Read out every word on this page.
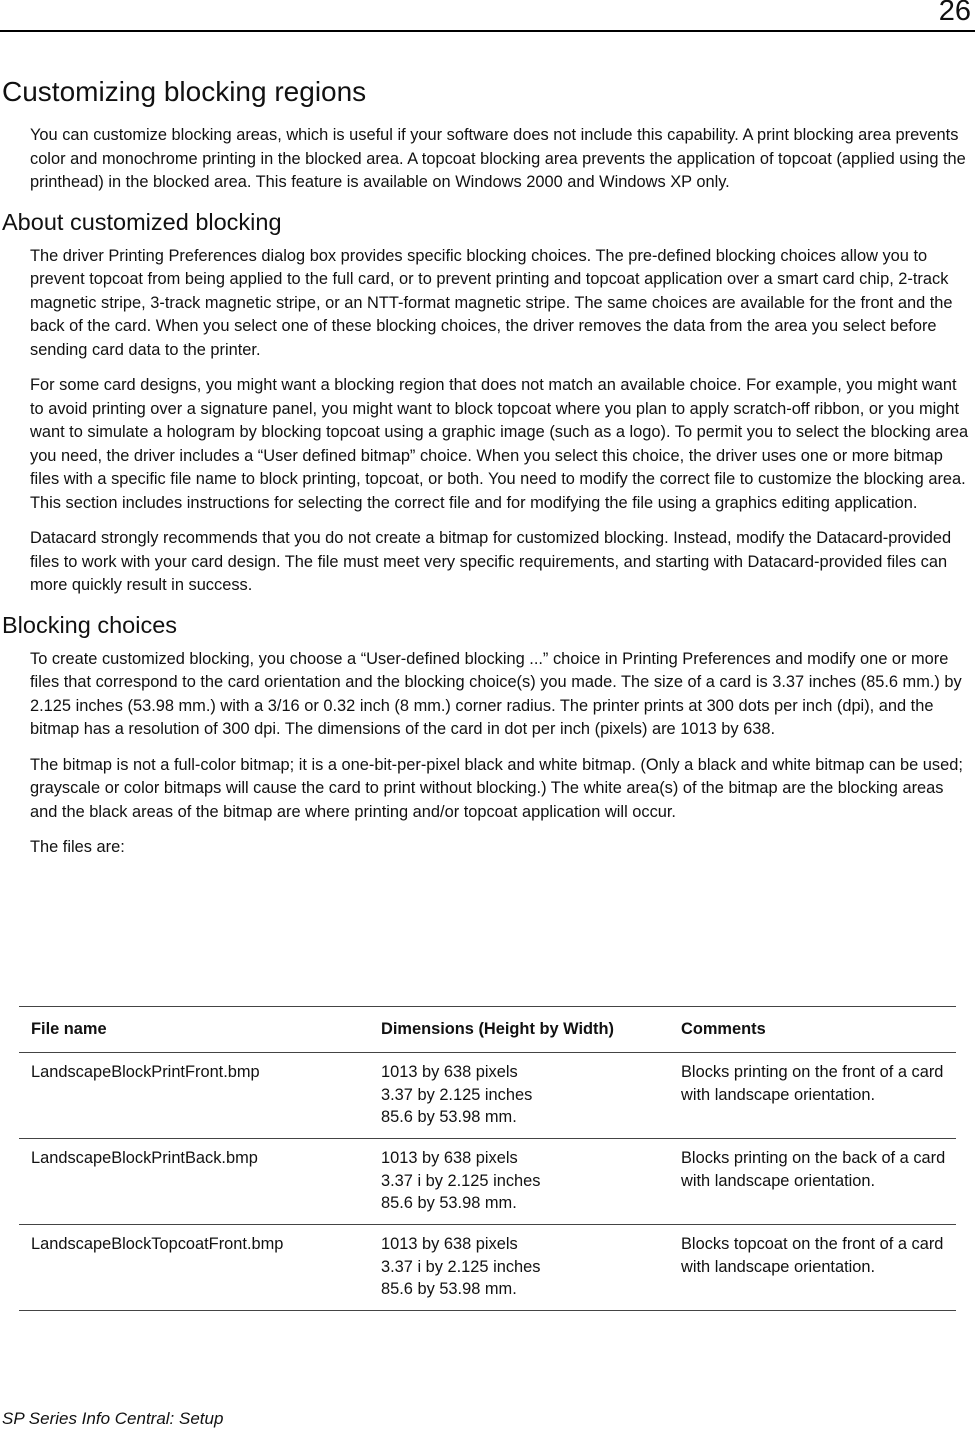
26
Customizing blocking regions

You can customize blocking areas, which is useful if your software does not include this capability. A print blocking area prevents color and monochrome printing in the blocked area. A topcoat blocking area prevents the application of topcoat (applied using the printhead) in the blocked area. This feature is available on Windows 2000 and Windows XP only.

About customized blocking

The driver Printing Preferences dialog box provides specific blocking choices. The pre-defined blocking choices allow you to prevent topcoat from being applied to the full card, or to prevent printing and topcoat application over a smart card chip, 2-track magnetic stripe, 3-track magnetic stripe, or an NTT-format magnetic stripe. The same choices are available for the front and the back of the card. When you select one of these blocking choices, the driver removes the data from the area you select before sending card data to the printer.

For some card designs, you might want a blocking region that does not match an available choice. For example, you might want to avoid printing over a signature panel, you might want to block topcoat where you plan to apply scratch-off ribbon, or you might want to simulate a hologram by blocking topcoat using a graphic image (such as a logo). To permit you to select the blocking area you need, the driver includes a “User defined bitmap” choice. When you select this choice, the driver uses one or more bitmap files with a specific file name to block printing, topcoat, or both. You need to modify the correct file to customize the blocking area. This section includes instructions for selecting the correct file and for modifying the file using a graphics editing application.

Datacard strongly recommends that you do not create a bitmap for customized blocking. Instead, modify the Datacard-provided files to work with your card design. The file must meet very specific requirements, and starting with Datacard-provided files can more quickly result in success.

Blocking choices

To create customized blocking, you choose a “User-defined blocking ...” choice in Printing Preferences and modify one or more files that correspond to the card orientation and the blocking choice(s) you made. The size of a card is 3.37 inches (85.6 mm.) by 2.125 inches (53.98 mm.) with a 3/16 or 0.32 inch (8 mm.) corner radius. The printer prints at 300 dots per inch (dpi), and the bitmap has a resolution of 300 dpi. The dimensions of the card in dot per inch (pixels) are 1013 by 638.

The bitmap is not a full-color bitmap; it is a one-bit-per-pixel black and white bitmap. (Only a black and white bitmap can be used; grayscale or color bitmaps will cause the card to print without blocking.) The white area(s) of the bitmap are the blocking areas and the black areas of the bitmap are where printing and/or topcoat application will occur.

The files are:

File name	Dimensions (Height by Width)	Comments
LandscapeBlockPrintFront.bmp	1013 by 638 pixels
3.37 by 2.125 inches
85.6 by 53.98 mm.	Blocks printing on the front of a card with landscape orientation.
LandscapeBlockPrintBack.bmp	1013 by 638 pixels
3.37 i by 2.125 inches
85.6 by 53.98 mm.	Blocks printing on the back of a card with landscape orientation.
LandscapeBlockTopcoatFront.bmp	1013 by 638 pixels
3.37 i by 2.125 inches
85.6 by 53.98 mm.	Blocks topcoat on the front of a card with landscape orientation.
SP Series Info Central: Setup
